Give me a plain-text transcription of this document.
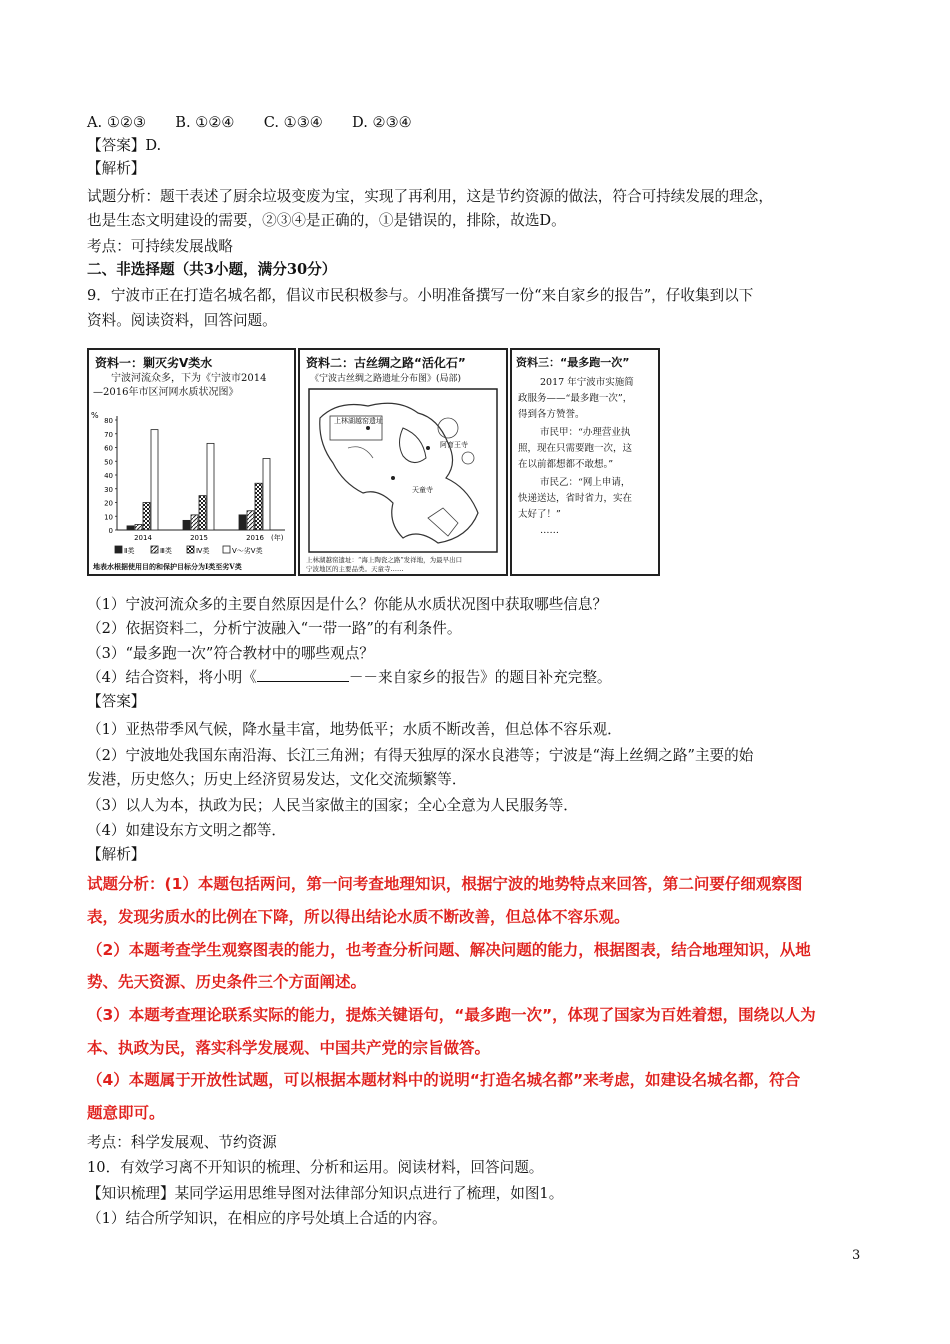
A. ①②③　　B. ①②④　　C. ①③④　　D. ②③④
【答案】D.
【解析】
试题分析：题干表述了厨余垃圾变废为宝，实现了再利用，这是节约资源的做法，符合可持续发展的理念，
也是生态文明建设的需要，②③④是正确的，①是错误的，排除，故选D。
考点：可持续发展战略
二、非选择题（共3小题，满分30分）
9．宁波市正在打造名城名都，倡议市民积极参与。小明准备撰写一份“来自家乡的报告”，仔收集到以下
资料。阅读资料，回答问题。
资料一：剿灭劣Ⅴ类水
宁波河流众多，下为《宁波市2014
—2016年市区河网水质状况图》
%
0
10
20
30
40
50
60
70
80
2014	2015	2016 (年)
Ⅱ类	Ⅲ类	Ⅳ类	Ⅴ～劣Ⅴ类
地表水根据使用目的和保护目标分为Ⅰ类至劣Ⅴ类
资料二：古丝绸之路“活化石”
《宁波古丝绸之路遗址分布图》(局部)
上林湖越窑遗址
天童寺
阿育王寺
上林湖越窑遗址：“海上陶瓷之路”发祥地，为最早出口
宁波地区的主要品类。天童寺……
资料三：“最多跑一次”
2017 年宁波市实施简
政服务——“最多跑一次”，
得到各方赞誉。
市民甲：“办理营业执
照，现在只需要跑一次，这
在以前都想都不敢想。”
市民乙：“网上申请，
快递送达，省时省力，实在
太好了！”
……
（1）宁波河流众多的主要自然原因是什么？你能从水质状况图中获取哪些信息？
（2）依据资料二，分析宁波融入“一带一路”的有利条件。
（3）“最多跑一次”符合教材中的哪些观点？
（4）结合资料，将小明《	－－来自家乡的报告》的题目补充完整。
【答案】
（1）亚热带季风气候，降水量丰富，地势低平；水质不断改善，但总体不容乐观．
（2）宁波地处我国东南沿海、长江三角洲；有得天独厚的深水良港等；宁波是“海上丝绸之路”主要的始
发港，历史悠久；历史上经济贸易发达，文化交流频繁等．
（3）以人为本，执政为民；人民当家做主的国家；全心全意为人民服务等．
（4）如建设东方文明之都等．
【解析】
试题分析：(1）本题包括两问，第一问考查地理知识，根据宁波的地势特点来回答，第二问要仔细观察图
表，发现劣质水的比例在下降，所以得出结论水质不断改善，但总体不容乐观。
（2）本题考查学生观察图表的能力，也考查分析问题、解决问题的能力，根据图表，结合地理知识，从地
势、先天资源、历史条件三个方面阐述。
（3）本题考查理论联系实际的能力，提炼关键语句，“最多跑一次”，体现了国家为百姓着想，围绕以人为
本、执政为民，落实科学发展观、中国共产党的宗旨做答。
（4）本题属于开放性试题，可以根据本题材料中的说明“打造名城名都”来考虑，如建设名城名都，符合
题意即可。
考点：科学发展观、节约资源
10．有效学习离不开知识的梳理、分析和运用。阅读材料，回答问题。
【知识梳理】某同学运用思维导图对法律部分知识点进行了梳理，如图1。
（1）结合所学知识，在相应的序号处填上合适的内容。
3
